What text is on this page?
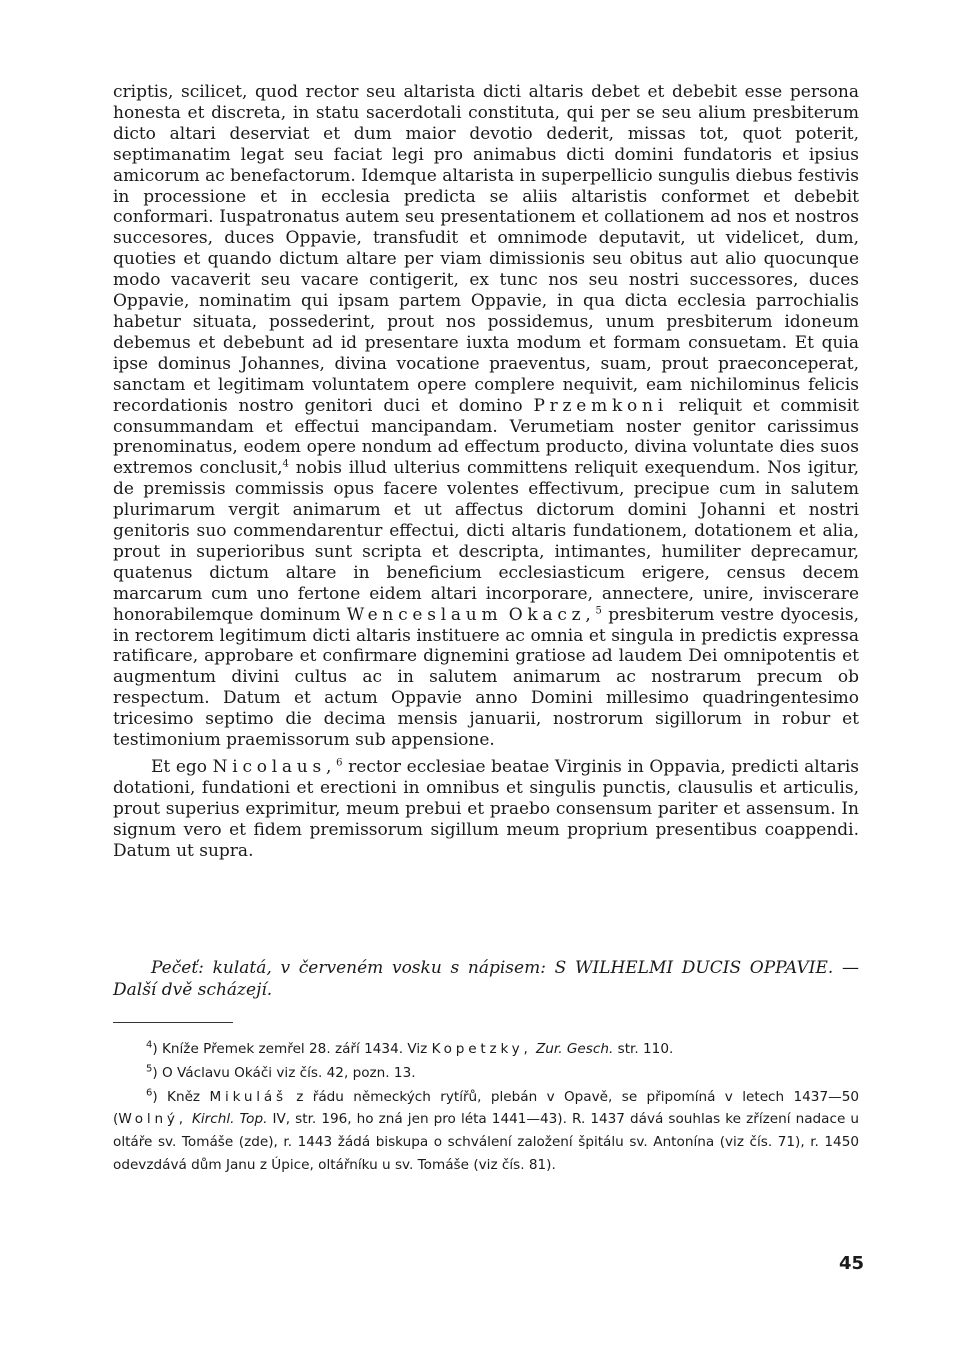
criptis, scilicet, quod rector seu altarista dicti altaris debet et debebit esse persona honesta et discreta, in statu sacerdotali constituta, qui per se seu alium presbiterum dicto altari deserviat et dum maior devotio dederit, missas tot, quot poterit, septimanatim legat seu faciat legi pro animabus dicti domini fundatoris et ipsius amicorum ac benefactorum. Idemque altarista in superpellicio sungulis diebus festivis in processione et in ecclesia predicta se aliis altaristis conformet et debebit conformari. Iuspatronatus autem seu presentationem et collationem ad nos et nostros succesores, duces Oppavie, transfudit et omnimode deputavit, ut videlicet, dum, quoties et quando dictum altare per viam dimissionis seu obitus aut alio quocunque modo vacaverit seu vacare contigerit, ex tunc nos seu nostri successores, duces Oppavie, nominatim qui ipsam partem Oppavie, in qua dicta ecclesia parrochialis habetur situata, possederint, prout nos possidemus, unum presbiterum idoneum debemus et debebunt ad id presentare iuxta modum et formam consuetam. Et quia ipse dominus Johannes, divina vocatione praeventus, suam, prout praeconceperat, sanctam et legitimam voluntatem opere complere nequivit, eam nichilominus felicis recordationis nostro genitori duci et domino Przemkoni reliquit et commisit consummandam et effectui mancipandam. Verumetiam noster genitor carissimus prenominatus, eodem opere nondum ad effectum producto, divina voluntate dies suos extremos conclusit,$^4$ nobis illud ulterius committens reliquit exequendum. Nos igitur, de premissis commissis opus facere volentes effectivum, precipue cum in salutem plurimarum vergit animarum et ut affectus dictorum domini Johanni et nostri genitoris suo commendarentur effectui, dicti altaris fundationem, dotationem et alia, prout in superioribus sunt scripta et descripta, intimantes, humiliter deprecamur, quatenus dictum altare in beneficium ecclesiasticum erigere, census decem marcarum cum uno fertone eidem altari incorporare, annectere, unire, inviscerare honorabilemque dominum Wenceslaum Okacz,$^5$ presbiterum vestre dyocesis, in rectorem legitimum dicti altaris instituere ac omnia et singula in predictis expressa ratificare, approbare et confirmare dignemini gratiose ad laudem Dei omnipotentis et augmentum divini cultus ac in salutem animarum ac nostrarum precum ob respectum. Datum et actum Oppavie anno Domini millesimo quadringentesimo tricesimo septimo die decima mensis januarii, nostrorum sigillorum in robur et testimonium praemissorum sub appensione.

Et ego Nicolaus,$^6$ rector ecclesiae beatae Virginis in Oppavia, predicti altaris dotationi, fundationi et erectioni in omnibus et singulis punctis, clausulis et articulis, prout superius exprimitur, meum prebui et praebo consensum pariter et assensum. In signum vero et fidem premissorum sigillum meum proprium presentibus coappendi. Datum ut supra.

Pečeť: kulatá, v červeném vosku s nápisem: S WILHELMI DUCIS OPPAVIE. — Další dvě scházejí.

$^4$) Kníže Přemek zemřel 28. září 1434. Viz Kopetzky, Zur. Gesch. str. 110.

$^5$) O Václavu Okáči viz čís. 42, pozn. 13.

$^6$) Kněz Mikuláš z řádu německých rytířů, plebán v Opavě, se připomíná v letech 1437—50 (Wolný, Kirchl. Top. IV, str. 196, ho zná jen pro léta 1441—43). R. 1437 dává souhlas ke zřízení nadace u oltáře sv. Tomáše (zde), r. 1443 žádá biskupa o schválení založení špitálu sv. Antonína (viz čís. 71), r. 1450 odevzdává dům Janu z Úpice, oltářníku u sv. Tomáše (viz čís. 81).

45
